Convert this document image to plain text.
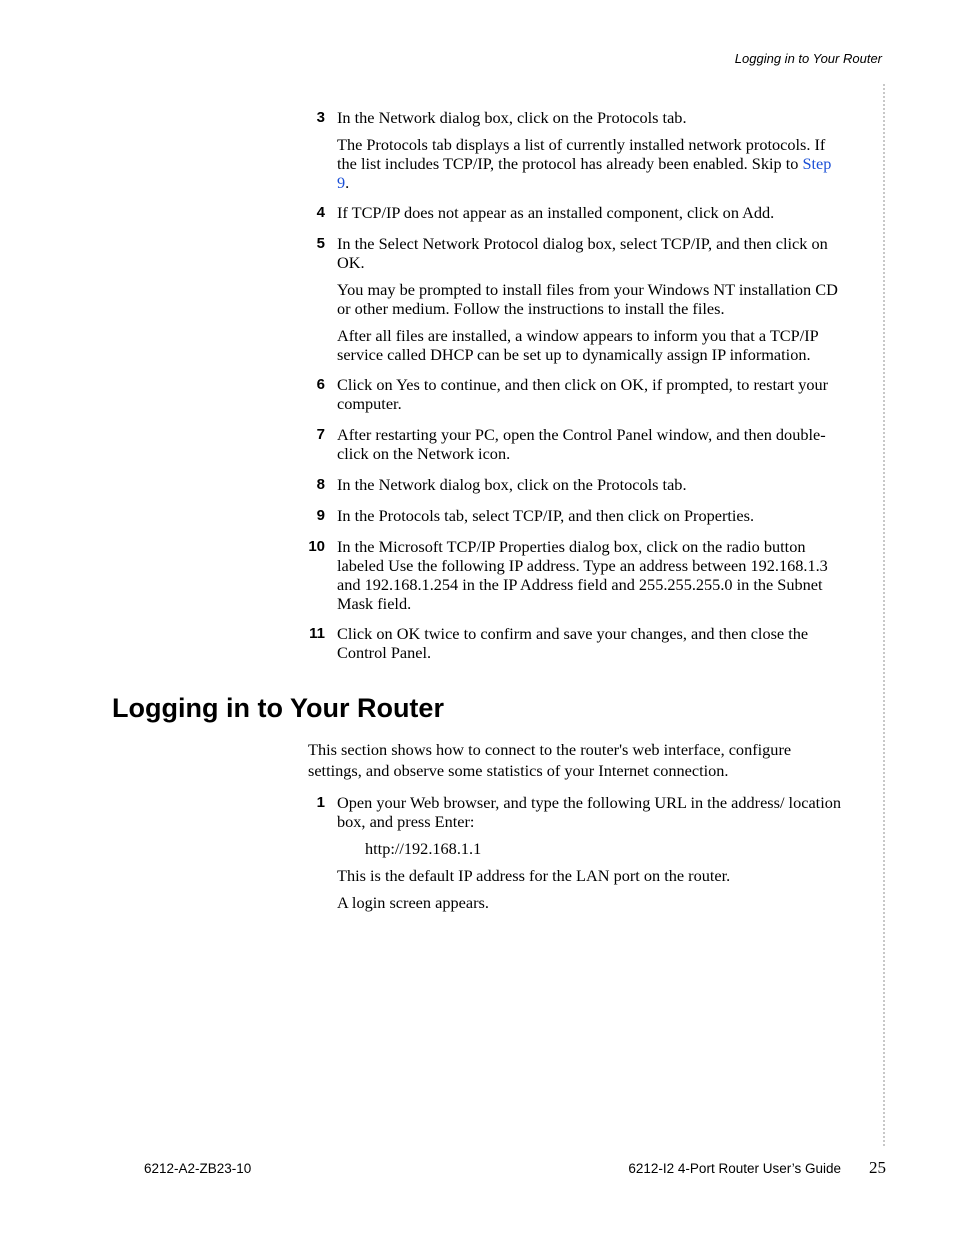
Logging in to Your Router
3 In the Network dialog box, click on the Protocols tab.

The Protocols tab displays a list of currently installed network protocols. If the list includes TCP/IP, the protocol has already been enabled. Skip to Step 9.

4 If TCP/IP does not appear as an installed component, click on Add.

5 In the Select Network Protocol dialog box, select TCP/IP, and then click on OK.

You may be prompted to install files from your Windows NT installation CD or other medium. Follow the instructions to install the files.

After all files are installed, a window appears to inform you that a TCP/IP service called DHCP can be set up to dynamically assign IP information.

6 Click on Yes to continue, and then click on OK, if prompted, to restart your computer.

7 After restarting your PC, open the Control Panel window, and then double-click on the Network icon.

8 In the Network dialog box, click on the Protocols tab.

9 In the Protocols tab, select TCP/IP, and then click on Properties.

10 In the Microsoft TCP/IP Properties dialog box, click on the radio button labeled Use the following IP address. Type an address between 192.168.1.3 and 192.168.1.254 in the IP Address field and 255.255.255.0 in the Subnet Mask field.

11 Click on OK twice to confirm and save your changes, and then close the Control Panel.

Logging in to Your Router

This section shows how to connect to the router's web interface, configure settings, and observe some statistics of your Internet connection.

1 Open your Web browser, and type the following URL in the address/ location box, and press Enter:

http://192.168.1.1

This is the default IP address for the LAN port on the router.

A login screen appears.

6212-A2-ZB23-10	6212-I2 4-Port Router User’s Guide 25
